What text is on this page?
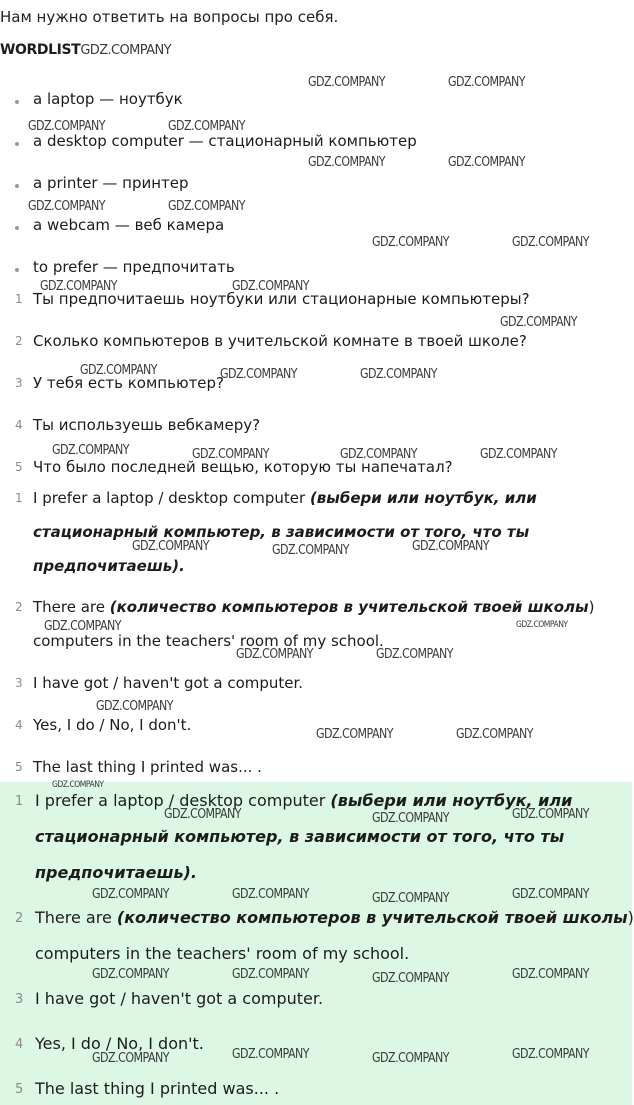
Нам нужно ответить на вопросы про себя.
WORDLISTGDZ.COMPANY
a laptop — ноутбук
a desktop computer — стационарный компьютер
a printer — принтер
a webcam — веб камера
to prefer — предпочитать
1 Ты предпочитаешь ноутбуки или стационарные компьютеры?
2 Сколько компьютеров в учительской комнате в твоей школе?
3 У тебя есть компьютер?
4 Ты используешь вебкамеру?
5 Что было последней вещью, которую ты напечатал?
1 I prefer a laptop / desktop computer (выбери или ноутбук, или
стационарный компьютер, в зависимости от того, что ты
предпочитаешь).
2 There are (количество компьютеров в учительской твоей школы)
computers in the teachers' room of my school.
3 I have got / haven't got a computer.
4 Yes, I do / No, I don't.
5 The last thing I printed was... .
1 I prefer a laptop / desktop computer (выбери или ноутбук, или
стационарный компьютер, в зависимости от того, что ты
предпочитаешь).
2 There are (количество компьютеров в учительской твоей школы)
computers in the teachers' room of my school.
3 I have got / haven't got a computer.
4 Yes, I do / No, I don't.
5 The last thing I printed was... .
GDZ.COMPANY	GDZ.COMPANY
GDZ.COMPANY	GDZ.COMPANY
GDZ.COMPANY	GDZ.COMPANY
GDZ.COMPANY	GDZ.COMPANY
GDZ.COMPANY	GDZ.COMPANY
GDZ.COMPANY	GDZ.COMPANY
GDZ.COMPANY
GDZ.COMPANY	GDZ.COMPANY	GDZ.COMPANY
GDZ.COMPANY	GDZ.COMPANY	GDZ.COMPANY	GDZ.COMPANY
GDZ.COMPANY	GDZ.COMPANY	GDZ.COMPANY
GDZ.COMPANY	GDZ.COMPANY
GDZ.COMPANY	GDZ.COMPANY
GDZ.COMPANY
GDZ.COMPANY	GDZ.COMPANY
GDZ.COMPANY
GDZ.COMPANY	GDZ.COMPANY	GDZ.COMPANY
GDZ.COMPANY	GDZ.COMPANY	GDZ.COMPANY	GDZ.COMPANY
GDZ.COMPANY	GDZ.COMPANY	GDZ.COMPANY	GDZ.COMPANY
GDZ.COMPANY	GDZ.COMPANY	GDZ.COMPANY	GDZ.COMPANY
